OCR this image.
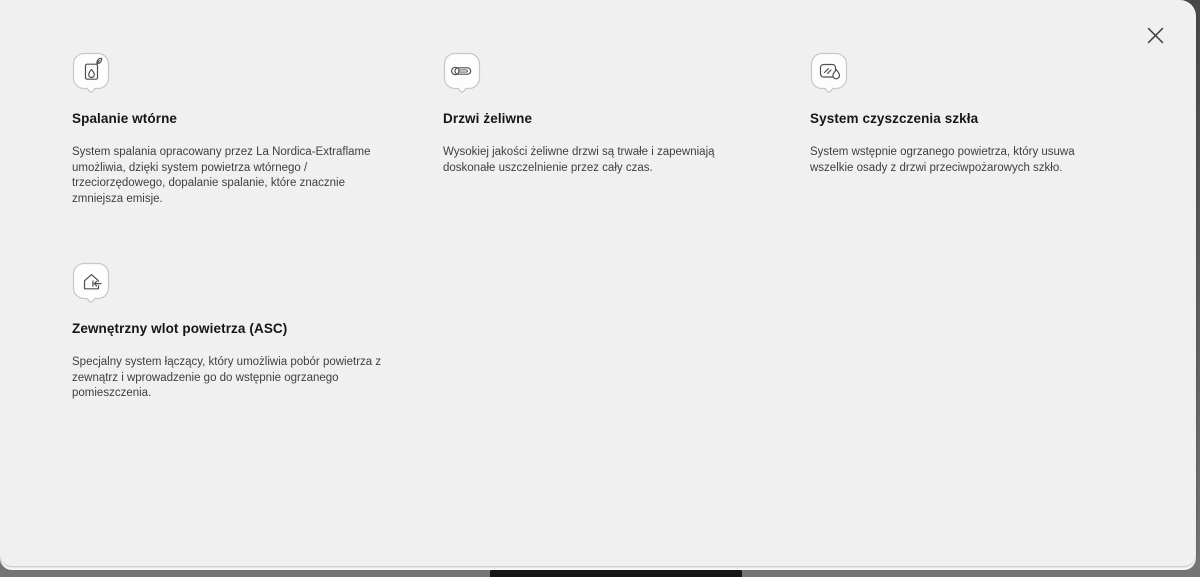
Spalanie wtórne

System spalania opracowany przez La Nordica-Extraflame umożliwia, dzięki system powietrza wtórnego / trzeciorzędowego, dopalanie spalanie, które znacznie zmniejsza emisje.

Drzwi żeliwne

Wysokiej jakości żeliwne drzwi są trwałe i zapewniają doskonałe uszczelnienie przez cały czas.

System czyszczenia szkła

System wstępnie ogrzanego powietrza, który usuwa wszelkie osady z drzwi przeciwpożarowych szkło.

Zewnętrzny wlot powietrza (ASC)

Specjalny system łączący, który umożliwia pobór powietrza z zewnątrz i wprowadzenie go do wstępnie ogrzanego pomieszczenia.
